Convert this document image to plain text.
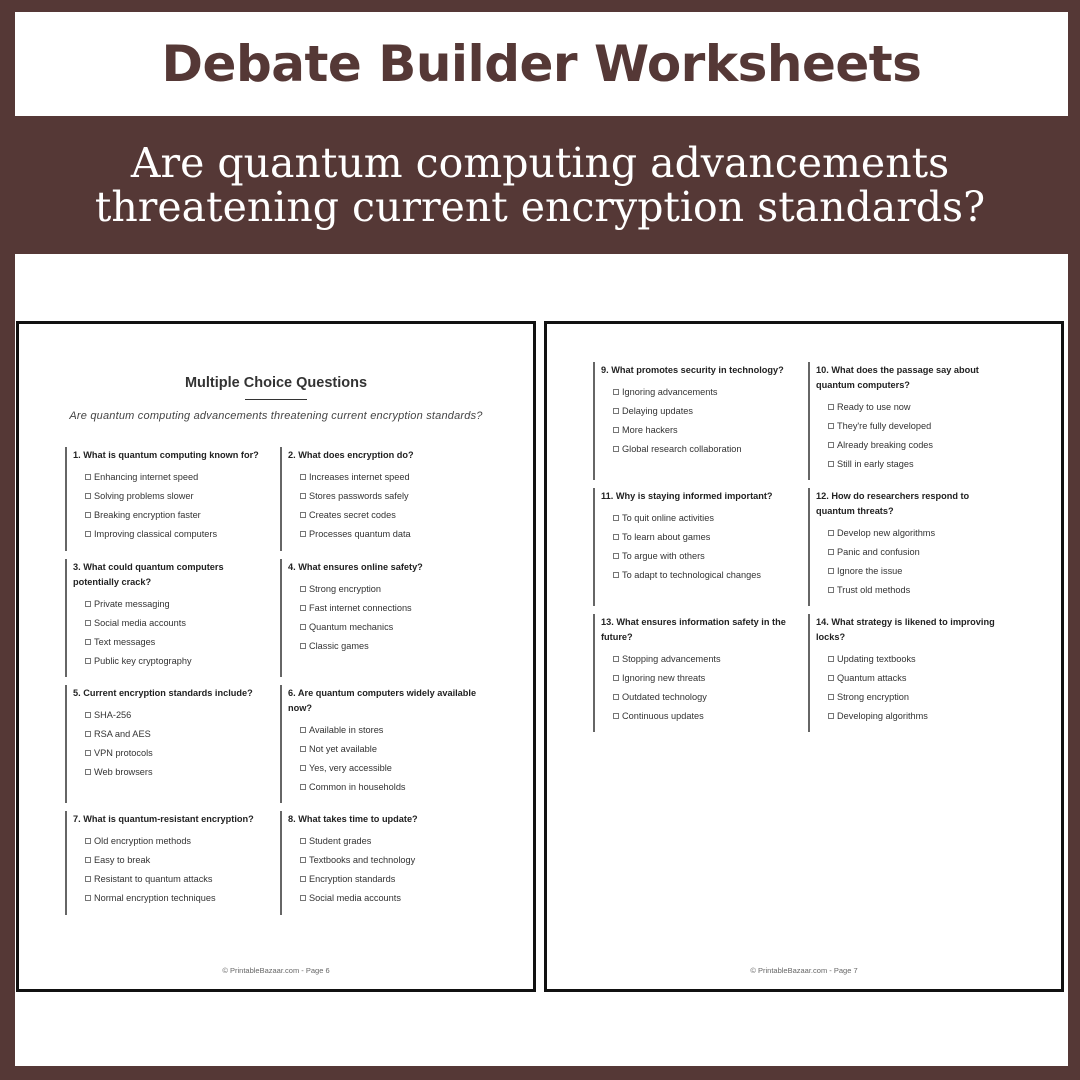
Debate Builder Worksheets
Are quantum computing advancements
threatening current encryption standards?
Multiple Choice Questions
Are quantum computing advancements threatening current encryption standards?
1. What is quantum computing known for?
Enhancing internet speed
Solving problems slower
Breaking encryption faster
Improving classical computers
2. What does encryption do?
Increases internet speed
Stores passwords safely
Creates secret codes
Processes quantum data
3. What could quantum computers potentially crack?
Private messaging
Social media accounts
Text messages
Public key cryptography
4. What ensures online safety?
Strong encryption
Fast internet connections
Quantum mechanics
Classic games
5. Current encryption standards include?
SHA-256
RSA and AES
VPN protocols
Web browsers
6. Are quantum computers widely available now?
Available in stores
Not yet available
Yes, very accessible
Common in households
7. What is quantum-resistant encryption?
Old encryption methods
Easy to break
Resistant to quantum attacks
Normal encryption techniques
8. What takes time to update?
Student grades
Textbooks and technology
Encryption standards
Social media accounts
© PrintableBazaar.com - Page 6
9. What promotes security in technology?
Ignoring advancements
Delaying updates
More hackers
Global research collaboration
10. What does the passage say about quantum computers?
Ready to use now
They're fully developed
Already breaking codes
Still in early stages
11. Why is staying informed important?
To quit online activities
To learn about games
To argue with others
To adapt to technological changes
12. How do researchers respond to quantum threats?
Develop new algorithms
Panic and confusion
Ignore the issue
Trust old methods
13. What ensures information safety in the future?
Stopping advancements
Ignoring new threats
Outdated technology
Continuous updates
14. What strategy is likened to improving locks?
Updating textbooks
Quantum attacks
Strong encryption
Developing algorithms
© PrintableBazaar.com - Page 7
